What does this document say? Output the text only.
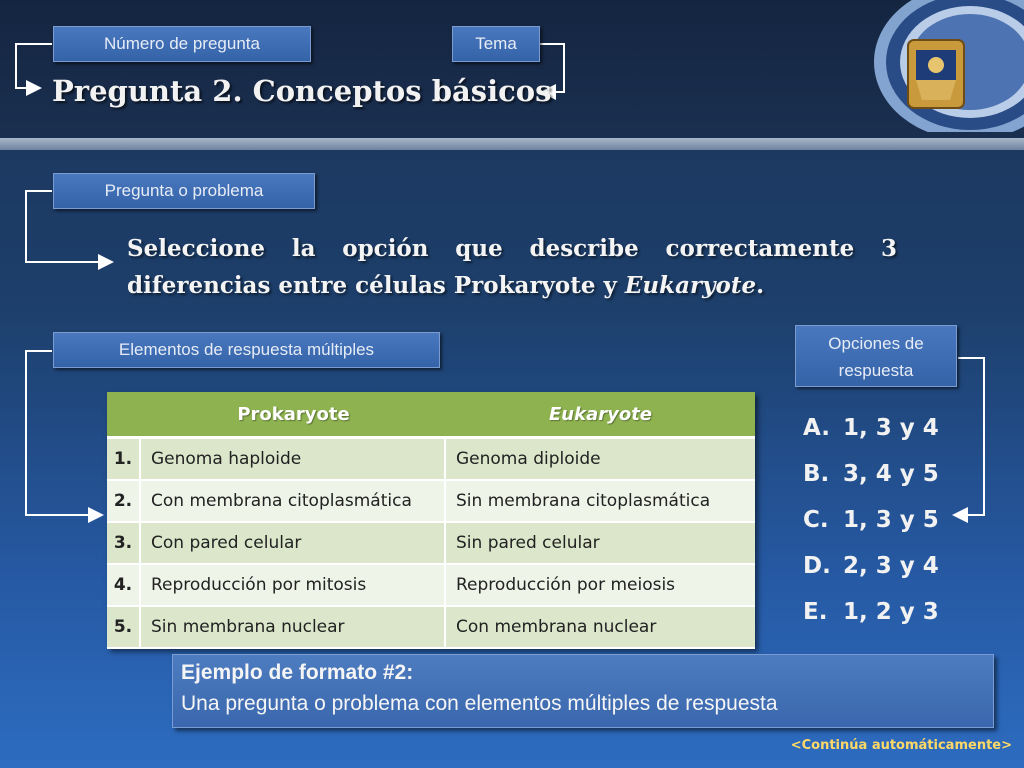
Número de pregunta	Tema
Pregunta 2. Conceptos básicos
Pregunta o problema
Seleccione la opción que describe correctamente 3
diferencias entre células Prokaryote y Eukaryote.
Elementos de respuesta múltiples
	Prokaryote	Eukaryote
1.	Genoma haploide	Genoma diploide
2.	Con membrana citoplasmática	Sin membrana citoplasmática
3.	Con pared celular	Sin pared celular
4.	Reproducción por mitosis	Reproducción por meiosis
5.	Sin membrana nuclear	Con membrana nuclear
Opciones de
respuesta
A. 1, 3 y 4
B. 3, 4 y 5
C. 1, 3 y 5
D. 2, 3 y 4
E. 1, 2 y 3
Ejemplo de formato #2:
Una pregunta o problema con elementos múltiples de respuesta
<Continúa automáticamente>
